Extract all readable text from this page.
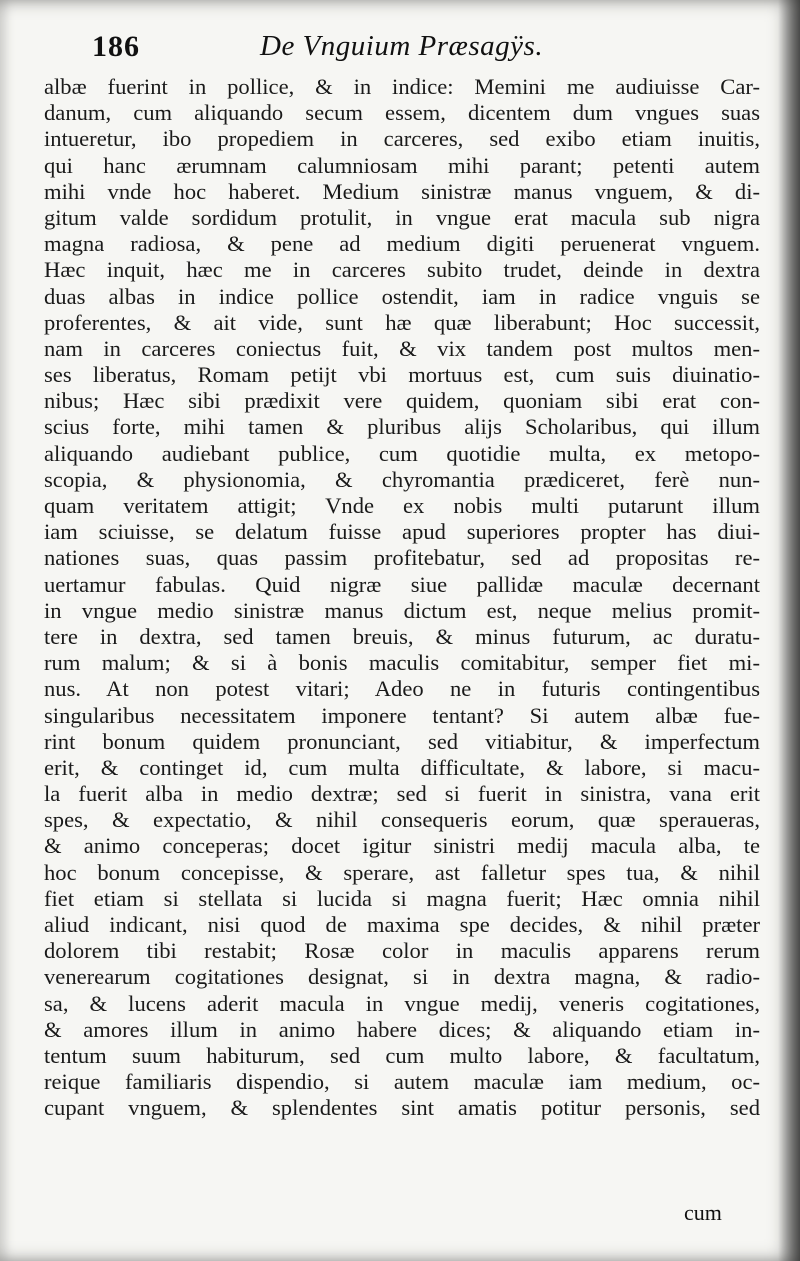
186	De Vnguium Præsagÿs.
albæ fuerint in pollice, & in indice: Memini me audiuisse Car-
danum, cum aliquando secum essem, dicentem dum vngues suas
intueretur, ibo propediem in carceres, sed exibo etiam inuitis,
qui hanc ærumnam calumniosam mihi parant; petenti autem
mihi vnde hoc haberet. Medium sinistræ manus vnguem, & di-
gitum valde sordidum protulit, in vngue erat macula sub nigra
magna radiosa, & pene ad medium digiti peruenerat vnguem.
Hæc inquit, hæc me in carceres subito trudet, deinde in dextra
duas albas in indice pollice ostendit, iam in radice vnguis se
proferentes, & ait vide, sunt hæ quæ liberabunt; Hoc successit,
nam in carceres coniectus fuit, & vix tandem post multos men-
ses liberatus, Romam petijt vbi mortuus est, cum suis diuinatio-
nibus; Hæc sibi prædixit vere quidem, quoniam sibi erat con-
scius forte, mihi tamen & pluribus alijs Scholaribus, qui illum
aliquando audiebant publice, cum quotidie multa, ex metopo-
scopia, & physionomia, & chyromantia prædiceret, ferè nun-
quam veritatem attigit; Vnde ex nobis multi putarunt illum
iam sciuisse, se delatum fuisse apud superiores propter has diui-
nationes suas, quas passim profitebatur, sed ad propositas re-
uertamur fabulas. Quid nigræ siue pallidæ maculæ decernant
in vngue medio sinistræ manus dictum est, neque melius promit-
tere in dextra, sed tamen breuis, & minus futurum, ac duratu-
rum malum; & si à bonis maculis comitabitur, semper fiet mi-
nus. At non potest vitari; Adeo ne in futuris contingentibus
singularibus necessitatem imponere tentant? Si autem albæ fue-
rint bonum quidem pronunciant, sed vitiabitur, & imperfectum
erit, & continget id, cum multa difficultate, & labore, si macu-
la fuerit alba in medio dextræ; sed si fuerit in sinistra, vana erit
spes, & expectatio, & nihil consequeris eorum, quæ speraueras,
& animo conceperas; docet igitur sinistri medij macula alba, te
hoc bonum concepisse, & sperare, ast falletur spes tua, & nihil
fiet etiam si stellata si lucida si magna fuerit; Hæc omnia nihil
aliud indicant, nisi quod de maxima spe decides, & nihil præter
dolorem tibi restabit; Rosæ color in maculis apparens rerum
venerearum cogitationes designat, si in dextra magna, & radio-
sa, & lucens aderit macula in vngue medij, veneris cogitationes,
& amores illum in animo habere dices; & aliquando etiam in-
tentum suum habiturum, sed cum multo labore, & facultatum,
reique familiaris dispendio, si autem maculæ iam medium, oc-
cupant vnguem, & splendentes sint amatis potitur personis, sed
cum
